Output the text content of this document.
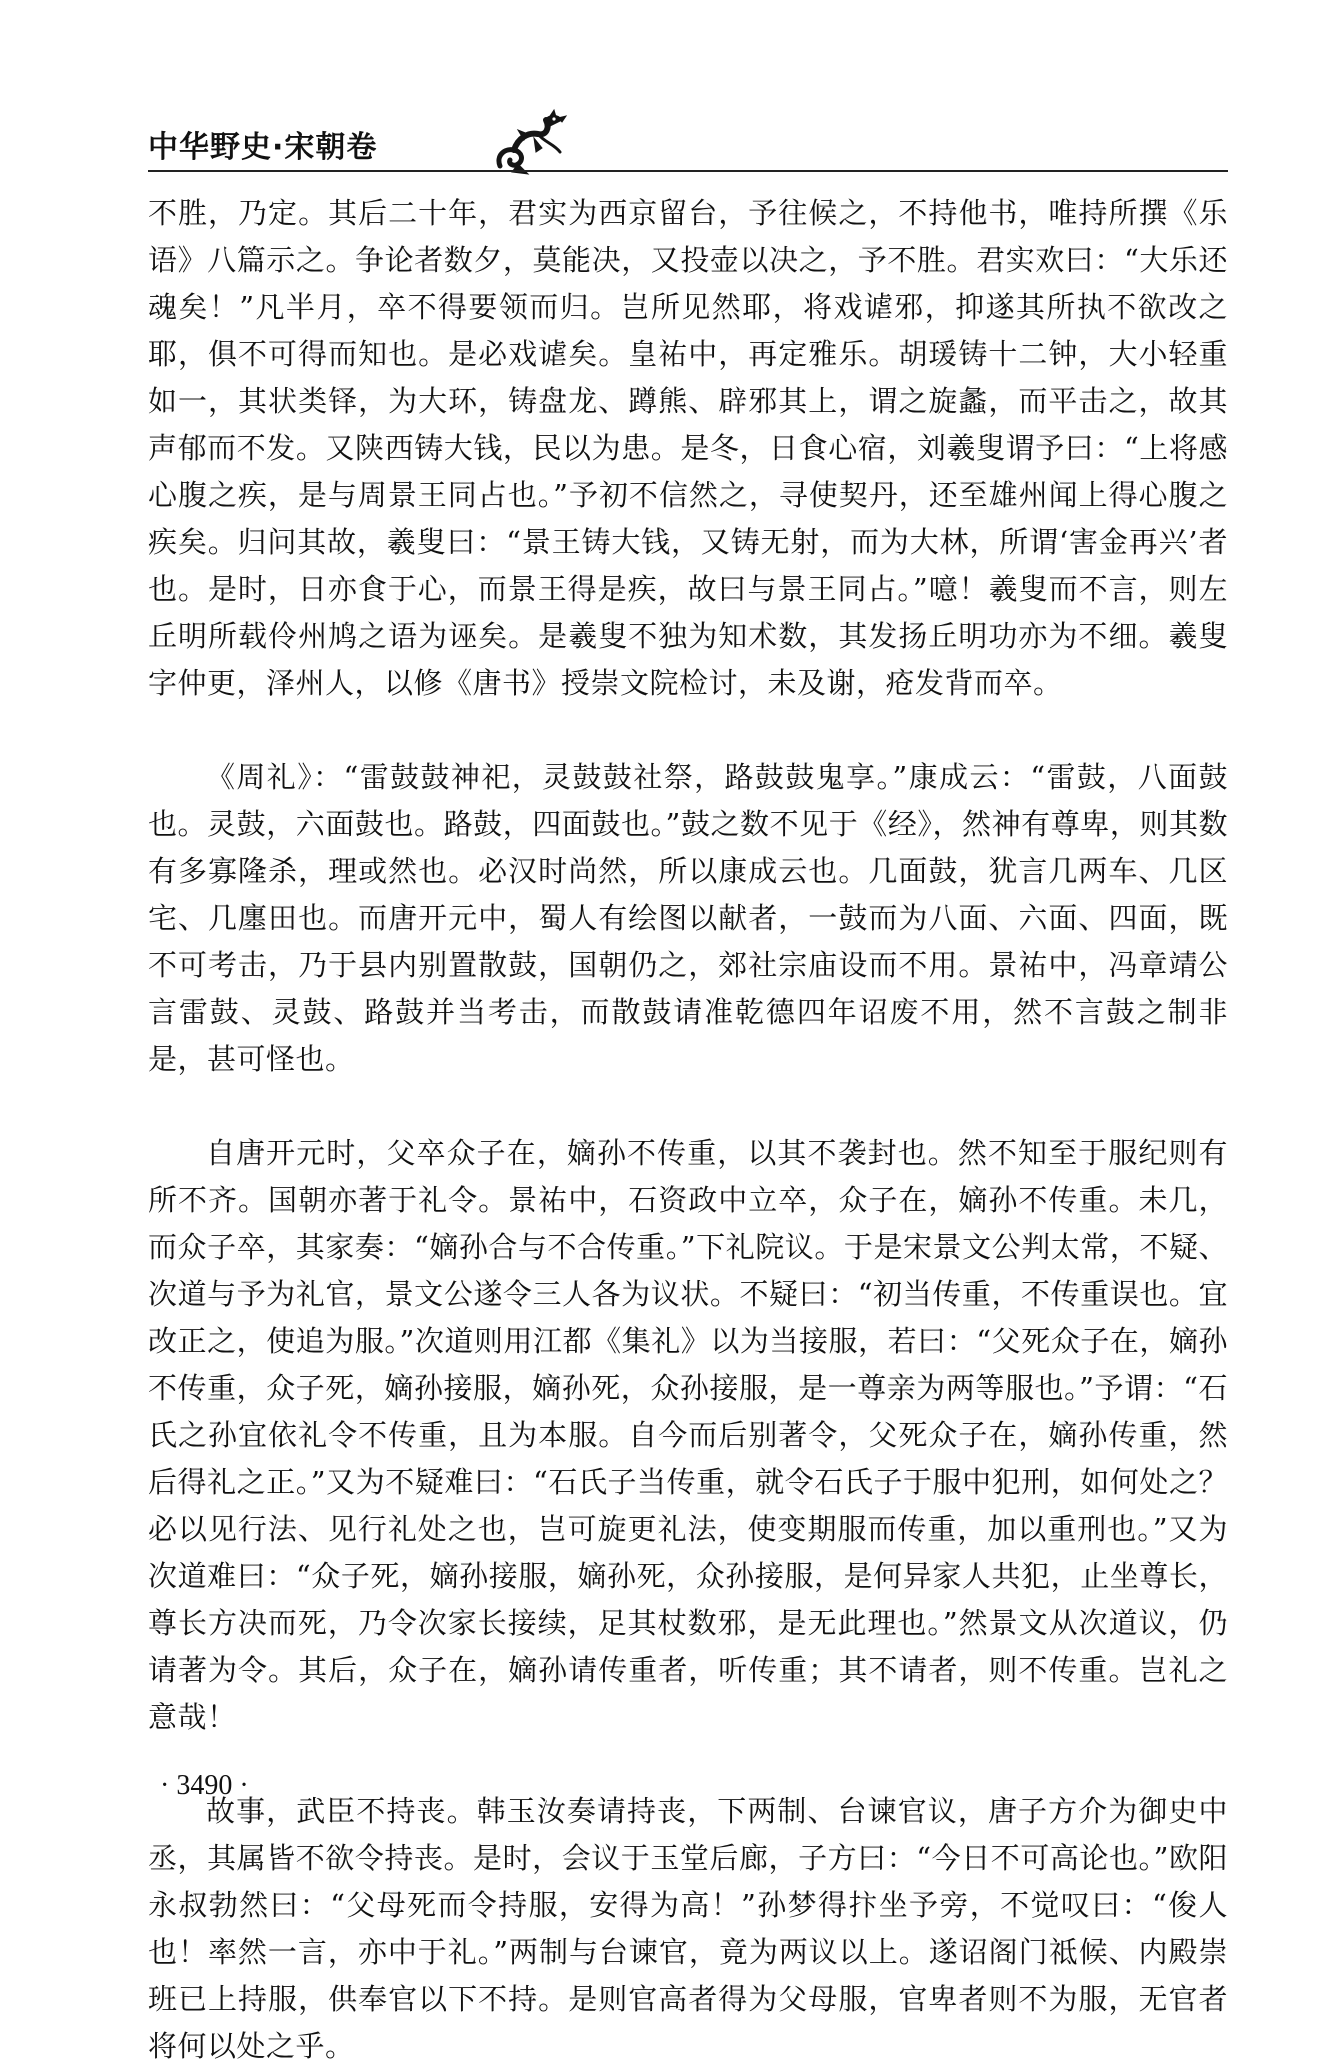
中华野史·宋朝卷

不胜，乃定。其后二十年，君实为西京留台，予往候之，不持他书，唯持所撰《乐语》八篇示之。争论者数夕，莫能决，又投壶以决之，予不胜。君实欢曰：“大乐还魂矣！”凡半月，卒不得要领而归。岂所见然耶，将戏谑邪，抑遂其所执不欲改之耶，俱不可得而知也。是必戏谑矣。皇祐中，再定雅乐。胡瑗铸十二钟，大小轻重如一，其状类铎，为大环，铸盘龙、蹲熊、辟邪其上，谓之旋蠡，而平击之，故其声郁而不发。又陕西铸大钱，民以为患。是冬，日食心宿，刘羲叟谓予曰：“上将感心腹之疾，是与周景王同占也。”予初不信然之，寻使契丹，还至雄州闻上得心腹之疾矣。归问其故，羲叟曰：“景王铸大钱，又铸无射，而为大林，所谓‘害金再兴’者也。是时，日亦食于心，而景王得是疾，故曰与景王同占。”噫！羲叟而不言，则左丘明所载伶州鸠之语为诬矣。是羲叟不独为知术数，其发扬丘明功亦为不细。羲叟字仲更，泽州人，以修《唐书》授崇文院检讨，未及谢，疮发背而卒。

《周礼》：“雷鼓鼓神祀，灵鼓鼓社祭，路鼓鼓鬼享。”康成云：“雷鼓，八面鼓也。灵鼓，六面鼓也。路鼓，四面鼓也。”鼓之数不见于《经》，然神有尊卑，则其数有多寡隆杀，理或然也。必汉时尚然，所以康成云也。几面鼓，犹言几两车、几区宅、几廛田也。而唐开元中，蜀人有绘图以献者，一鼓而为八面、六面、四面，既不可考击，乃于县内别置散鼓，国朝仍之，郊社宗庙设而不用。景祐中，冯章靖公言雷鼓、灵鼓、路鼓并当考击，而散鼓请准乾德四年诏废不用，然不言鼓之制非是，甚可怪也。

自唐开元时，父卒众子在，嫡孙不传重，以其不袭封也。然不知至于服纪则有所不齐。国朝亦著于礼令。景祐中，石资政中立卒，众子在，嫡孙不传重。未几，而众子卒，其家奏：“嫡孙合与不合传重。”下礼院议。于是宋景文公判太常，不疑、次道与予为礼官，景文公遂令三人各为议状。不疑曰：“初当传重，不传重误也。宜改正之，使追为服。”次道则用江都《集礼》以为当接服，若曰：“父死众子在，嫡孙不传重，众子死，嫡孙接服，嫡孙死，众孙接服，是一尊亲为两等服也。”予谓：“石氏之孙宜依礼令不传重，且为本服。自今而后别著令，父死众子在，嫡孙传重，然后得礼之正。”又为不疑难曰：“石氏子当传重，就令石氏子于服中犯刑，如何处之？必以见行法、见行礼处之也，岂可旋更礼法，使变期服而传重，加以重刑也。”又为次道难曰：“众子死，嫡孙接服，嫡孙死，众孙接服，是何异家人共犯，止坐尊长，尊长方决而死，乃令次家长接续，足其杖数邪，是无此理也。”然景文从次道议，仍请著为令。其后，众子在，嫡孙请传重者，听传重；其不请者，则不传重。岂礼之意哉！

故事，武臣不持丧。韩玉汝奏请持丧，下两制、台谏官议，唐子方介为御史中丞，其属皆不欲令持丧。是时，会议于玉堂后廊，子方曰：“今日不可高论也。”欧阳永叔勃然曰：“父母死而令持服，安得为高！”孙梦得抃坐予旁，不觉叹曰：“俊人也！率然一言，亦中于礼。”两制与台谏官，竟为两议以上。遂诏阁门祗候、内殿崇班已上持服，供奉官以下不持。是则官高者得为父母服，官卑者则不为服，无官者将何以处之乎。

· 3490 ·
